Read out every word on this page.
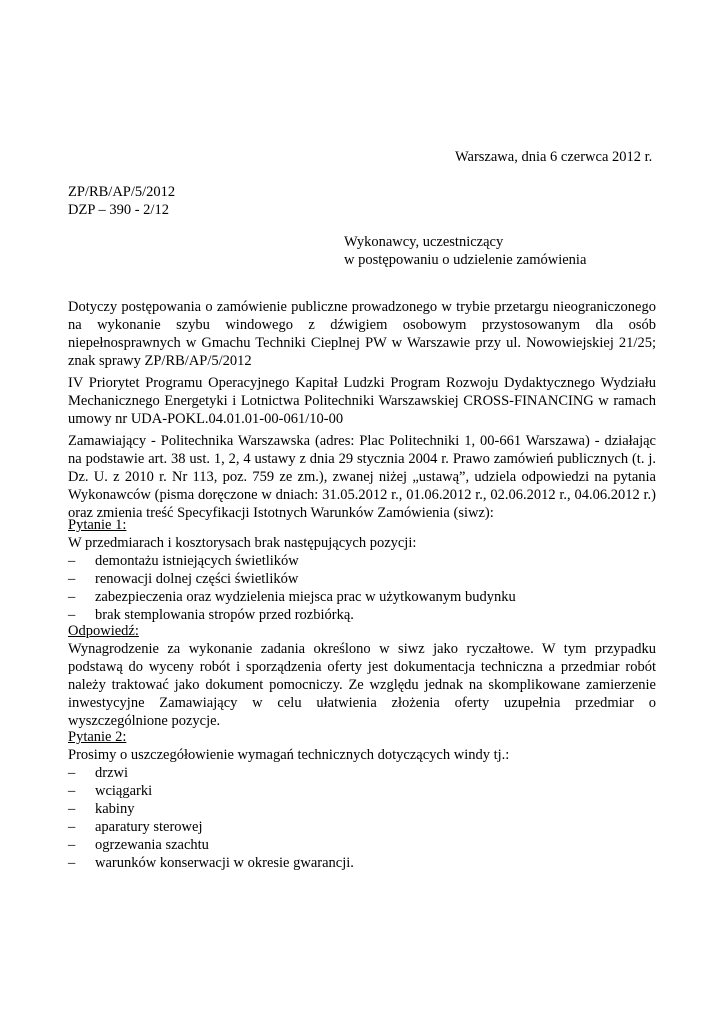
Warszawa, dnia 6 czerwca 2012 r.
ZP/RB/AP/5/2012
DZP – 390 - 2/12
Wykonawcy, uczestniczący
w postępowaniu o udzielenie zamówienia
Dotyczy postępowania o zamówienie publiczne prowadzonego w trybie przetargu nieograniczonego na wykonanie szybu windowego z dźwigiem osobowym przystosowanym dla osób niepełnosprawnych w Gmachu Techniki Cieplnej PW w Warszawie przy ul. Nowowiejskiej 21/25; znak sprawy ZP/RB/AP/5/2012
IV Priorytet Programu Operacyjnego Kapitał Ludzki Program Rozwoju Dydaktycznego Wydziału Mechanicznego Energetyki i Lotnictwa Politechniki Warszawskiej CROSS-FINANCING w ramach umowy nr UDA-POKL.04.01.01-00-061/10-00
Zamawiający - Politechnika Warszawska (adres: Plac Politechniki 1, 00-661 Warszawa) - działając na podstawie art. 38 ust. 1, 2, 4 ustawy z dnia 29 stycznia 2004 r. Prawo zamówień publicznych (t. j. Dz. U. z 2010 r. Nr 113, poz. 759 ze zm.), zwanej niżej „ustawą”, udziela odpowiedzi na pytania Wykonawców (pisma doręczone w dniach: 31.05.2012 r., 01.06.2012 r., 02.06.2012 r., 04.06.2012 r.) oraz zmienia treść Specyfikacji Istotnych Warunków Zamówienia (siwz):
Pytanie 1:
W przedmiarach i kosztorysach brak następujących pozycji:
– demontażu istniejących świetlików
– renowacji dolnej części świetlików
– zabezpieczenia oraz wydzielenia miejsca prac w użytkowanym budynku
– brak stemplowania stropów przed rozbiórką.
Odpowiedź:
Wynagrodzenie za wykonanie zadania określono w siwz jako ryczałtowe. W tym przypadku podstawą do wyceny robót i sporządzenia oferty jest dokumentacja techniczna a przedmiar robót należy traktować jako dokument pomocniczy. Ze względu jednak na skomplikowane zamierzenie inwestycyjne Zamawiający w celu ułatwienia złożenia oferty uzupełnia przedmiar o wyszczególnione pozycje.
Pytanie 2:
Prosimy o uszczegółowienie wymagań technicznych dotyczących windy tj.:
– drzwi
– wciągarki
– kabiny
– aparatury sterowej
– ogrzewania szachtu
– warunków konserwacji w okresie gwarancji.
